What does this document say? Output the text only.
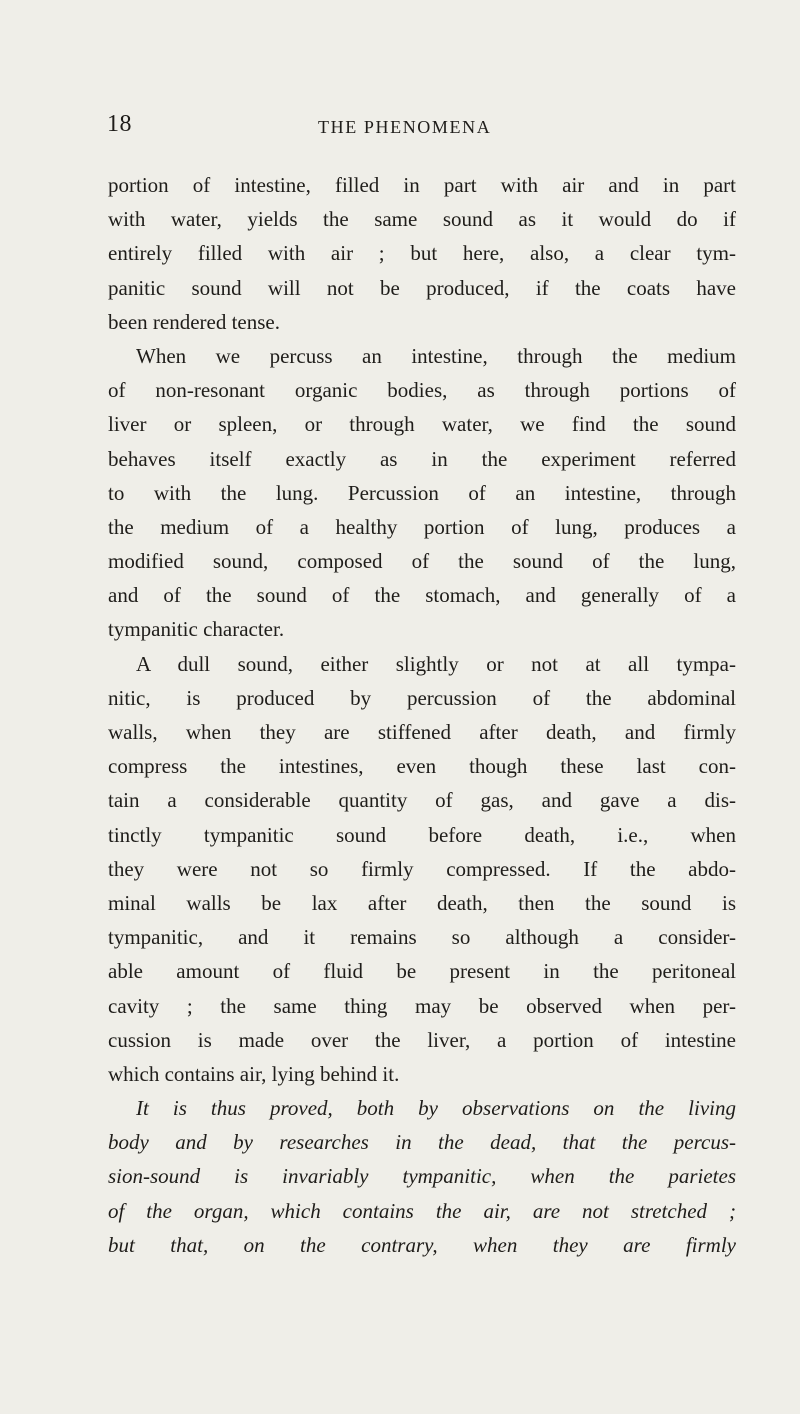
18	THE PHENOMENA
portion of intestine, filled in part with air and in part
with water, yields the same sound as it would do if
entirely filled with air ; but here, also, a clear tym-
panitic sound will not be produced, if the coats have
been rendered tense.
When we percuss an intestine, through the medium
of non-resonant organic bodies, as through portions of
liver or spleen, or through water, we find the sound
behaves itself exactly as in the experiment referred
to with the lung. Percussion of an intestine, through
the medium of a healthy portion of lung, produces a
modified sound, composed of the sound of the lung,
and of the sound of the stomach, and generally of a
tympanitic character.
A dull sound, either slightly or not at all tympa-
nitic, is produced by percussion of the abdominal
walls, when they are stiffened after death, and firmly
compress the intestines, even though these last con-
tain a considerable quantity of gas, and gave a dis-
tinctly tympanitic sound before death, i.e., when
they were not so firmly compressed. If the abdo-
minal walls be lax after death, then the sound is
tympanitic, and it remains so although a consider-
able amount of fluid be present in the peritoneal
cavity ; the same thing may be observed when per-
cussion is made over the liver, a portion of intestine
which contains air, lying behind it.
It is thus proved, both by observations on the living
body and by researches in the dead, that the percus-
sion-sound is invariably tympanitic, when the parietes
of the organ, which contains the air, are not stretched ;
but that, on the contrary, when they are firmly
